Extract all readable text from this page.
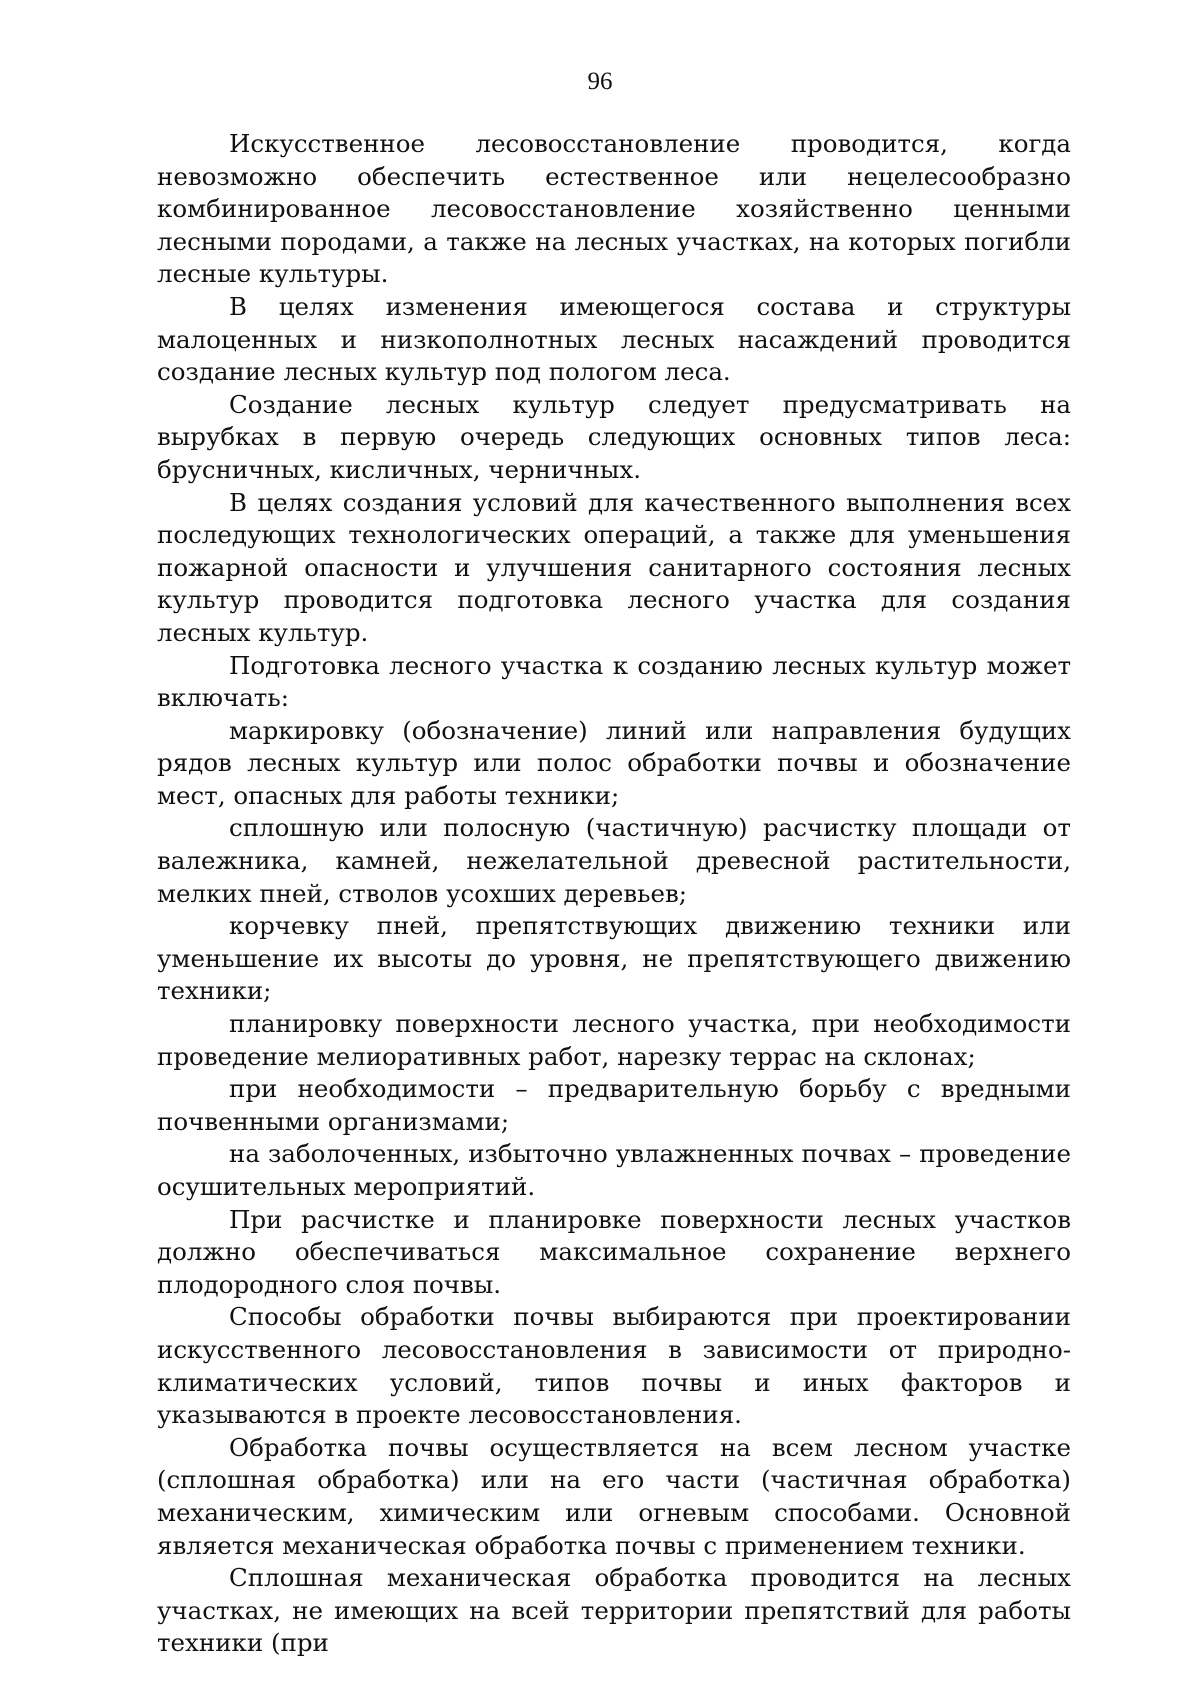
96

Искусственное лесовосстановление проводится, когда невозможно обеспечить естественное или нецелесообразно комбинированное лесовосстановление хозяйственно ценными лесными породами, а также на лесных участках, на которых погибли лесные культуры.

В целях изменения имеющегося состава и структуры малоценных и низкополнотных лесных насаждений проводится создание лесных культур под пологом леса.

Создание лесных культур следует предусматривать на вырубках в первую очередь следующих основных типов леса: брусничных, кисличных, черничных.

В целях создания условий для качественного выполнения всех последующих технологических операций, а также для уменьшения пожарной опасности и улучшения санитарного состояния лесных культур проводится подготовка лесного участка для создания лесных культур.

Подготовка лесного участка к созданию лесных культур может включать:

маркировку (обозначение) линий или направления будущих рядов лесных культур или полос обработки почвы и обозначение мест, опасных для работы техники;

сплошную или полосную (частичную) расчистку площади от валежника, камней, нежелательной древесной растительности, мелких пней, стволов усохших деревьев;

корчевку пней, препятствующих движению техники или уменьшение их высоты до уровня, не препятствующего движению техники;

планировку поверхности лесного участка, при необходимости проведение мелиоративных работ, нарезку террас на склонах;

при необходимости – предварительную борьбу с вредными почвенными организмами;

на заболоченных, избыточно увлажненных почвах – проведение осушительных мероприятий.

При расчистке и планировке поверхности лесных участков должно обеспечиваться максимальное сохранение верхнего плодородного слоя почвы.

Способы обработки почвы выбираются при проектировании искусственного лесовосстановления в зависимости от природно-климатических условий, типов почвы и иных факторов и указываются в проекте лесовосстановления.

Обработка почвы осуществляется на всем лесном участке (сплошная обработка) или на его части (частичная обработка) механическим, химическим или огневым способами. Основной является механическая обработка почвы с применением техники.

Сплошная механическая обработка проводится на лесных участках, не имеющих на всей территории препятствий для работы техники (при
